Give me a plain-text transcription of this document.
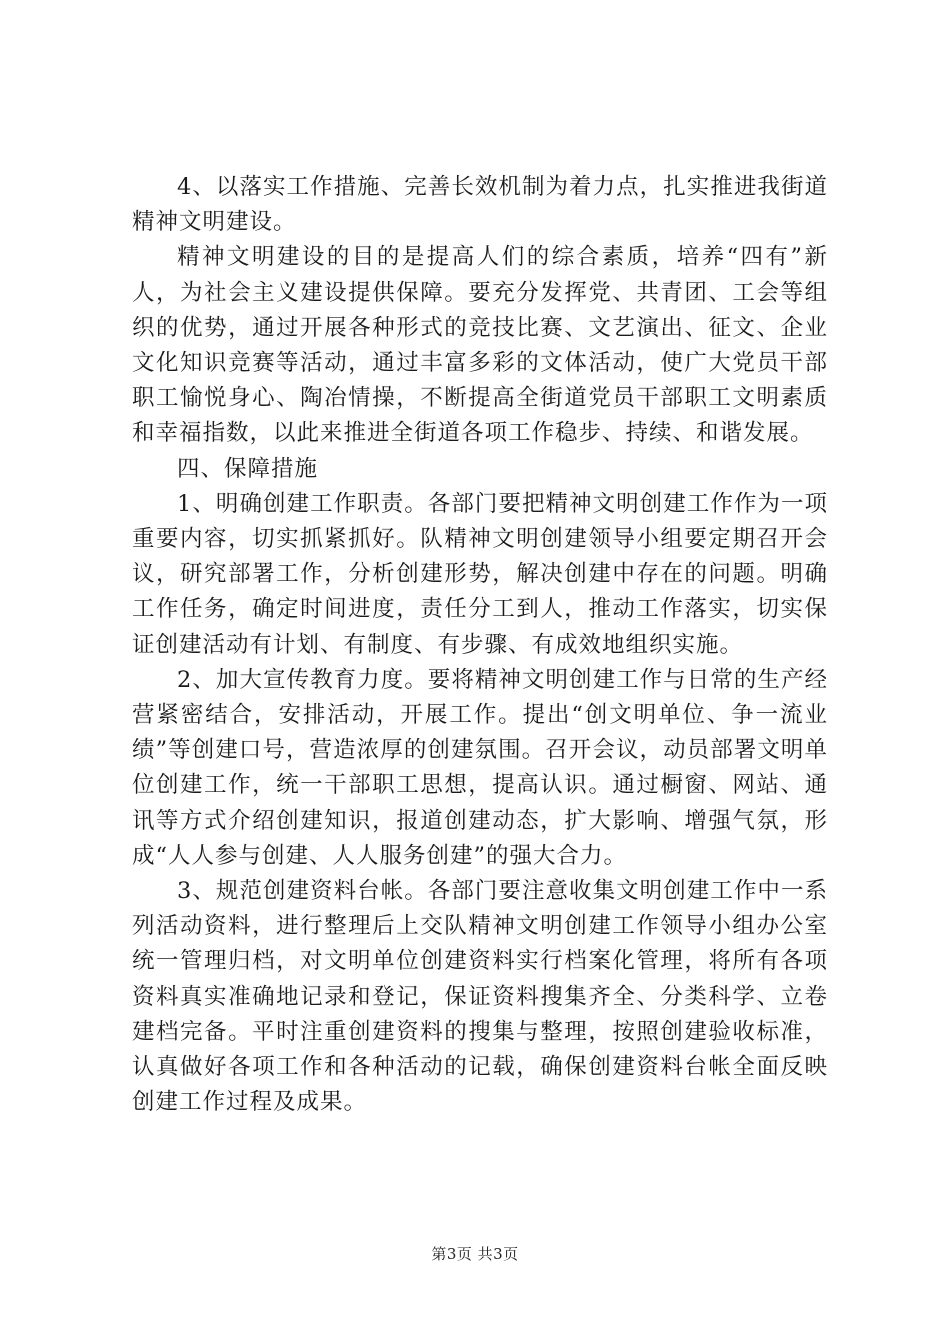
4、以落实工作措施、完善长效机制为着力点，扎实推进我街道精神文明建设。

精神文明建设的目的是提高人们的综合素质，培养“四有”新人，为社会主义建设提供保障。要充分发挥党、共青团、工会等组织的优势，通过开展各种形式的竞技比赛、文艺演出、征文、企业文化知识竞赛等活动，通过丰富多彩的文体活动，使广大党员干部职工愉悦身心、陶冶情操，不断提高全街道党员干部职工文明素质和幸福指数，以此来推进全街道各项工作稳步、持续、和谐发展。

四、保障措施

1、明确创建工作职责。各部门要把精神文明创建工作作为一项重要内容，切实抓紧抓好。队精神文明创建领导小组要定期召开会议，研究部署工作，分析创建形势，解决创建中存在的问题。明确工作任务，确定时间进度，责任分工到人，推动工作落实，切实保证创建活动有计划、有制度、有步骤、有成效地组织实施。

2、加大宣传教育力度。要将精神文明创建工作与日常的生产经营紧密结合，安排活动，开展工作。提出“创文明单位、争一流业绩”等创建口号，营造浓厚的创建氛围。召开会议，动员部署文明单位创建工作，统一干部职工思想，提高认识。通过橱窗、网站、通讯等方式介绍创建知识，报道创建动态，扩大影响、增强气氛，形成“人人参与创建、人人服务创建”的强大合力。

3、规范创建资料台帐。各部门要注意收集文明创建工作中一系列活动资料，进行整理后上交队精神文明创建工作领导小组办公室统一管理归档，对文明单位创建资料实行档案化管理，将所有各项资料真实准确地记录和登记，保证资料搜集齐全、分类科学、立卷建档完备。平时注重创建资料的搜集与整理，按照创建验收标准，认真做好各项工作和各种活动的记载，确保创建资料台帐全面反映创建工作过程及成果。

第3页 共3页
